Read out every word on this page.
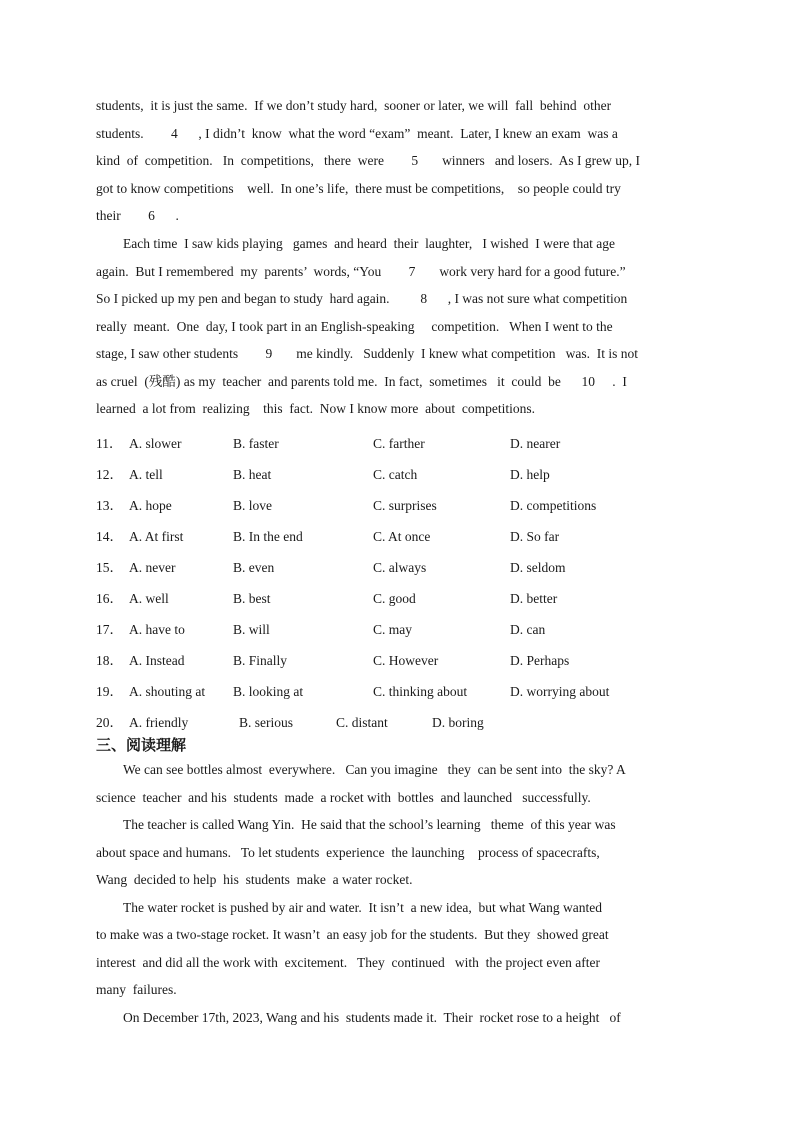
students,  it is just the same.  If we don’t study hard,  sooner or later, we will  fall  behind  other
students.  4 , I didn’t  know  what the word “exam”  meant.  Later, I knew an exam  was a
kind  of  competition.   In  competitions,   there  were  5 winners   and losers.  As I grew up, I
got to know competitions    well.  In one’s life,  there must be competitions,    so people could try
their  6 .
Each time  I saw kids playing   games  and heard  their  laughter,   I wished  I were that age
again.  But I remembered  my  parents’  words, “You  7 work very hard for a good future.”
So I picked up my pen and began to study  hard again.   8 , I was not sure what competition
really  meant.  One  day, I took part in an English-speaking     competition.   When I went to the
stage, I saw other students  9 me kindly.   Suddenly  I knew what competition   was.  It is not
as cruel  (残酷) as my  teacher  and parents told me.  In fact,  sometimes   it  could  be 10 .  I
learned  a lot from  realizing    this  fact.  Now I know more  about  competitions.
11． A. slower	B. faster	C. farther	D. nearer
12． A. tell	B. heat	C. catch	D. help
13． A. hope	B. love	C. surprises	D. competitions
14． A. At first	B. In the end	C. At once	D. So far
15． A. never	B. even	C. always	D. seldom
16． A. well	B. best	C. good	D. better
17． A. have to	B. will	C. may	D. can
18． A. Instead	B. Finally	C. However	D. Perhaps
19． A. shouting at B. looking at	C. thinking about	D. worrying about
20． A. friendly	B. serious	C. distant	D. boring
三、阅读理解
We can see bottles almost  everywhere.   Can you imagine   they  can be sent into  the sky? A
science  teacher  and his  students  made  a rocket with  bottles  and launched   successfully.
The teacher is called Wang Yin.  He said that the school’s learning   theme  of this year was
about space and humans.   To let students  experience  the launching    process of spacecrafts,
Wang  decided to help  his  students  make  a water rocket.
The water rocket is pushed by air and water.  It isn’t  a new idea,  but what Wang wanted
to make was a two-stage rocket. It wasn’t  an easy job for the students.  But they  showed great
interest  and did all the work with  excitement.   They  continued   with  the project even after
many  failures.
On December 17th, 2023, Wang and his  students made it.  Their  rocket rose to a height   of
